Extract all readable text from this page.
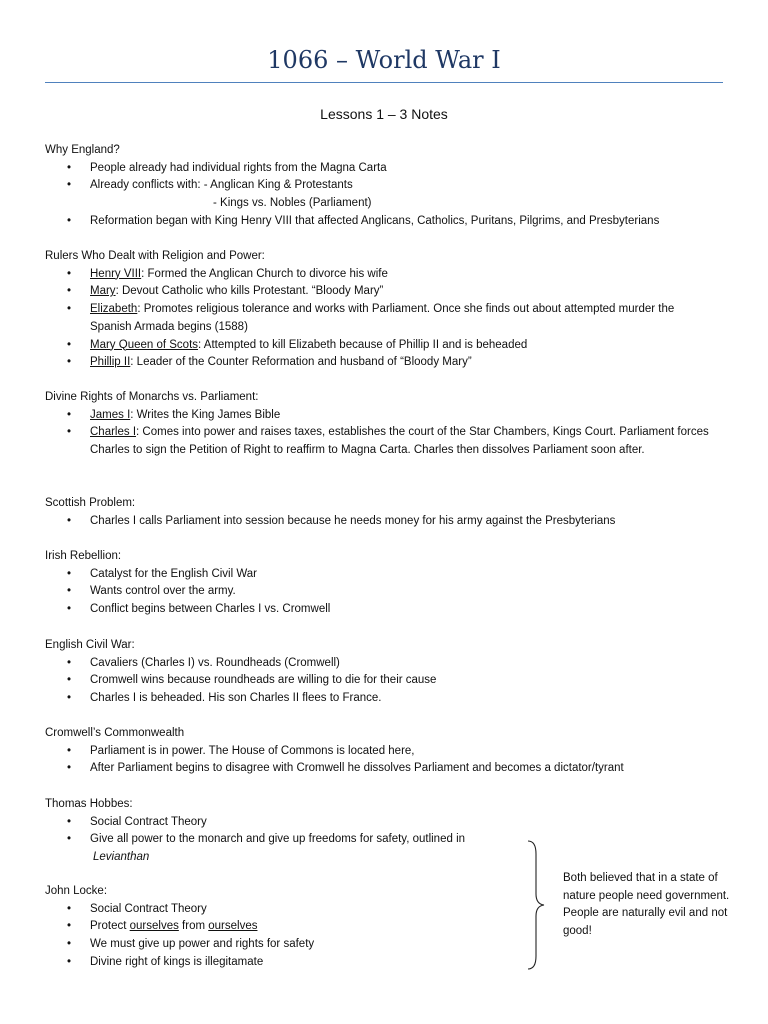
1066 – World War I
Lessons 1 – 3 Notes
Why England?
• People already had individual rights from the Magna Carta
• Already conflicts with: - Anglican King & Protestants
- Kings vs. Nobles (Parliament)
• Reformation began with King Henry VIII that affected Anglicans, Catholics, Puritans, Pilgrims, and Presbyterians
Rulers Who Dealt with Religion and Power:
• Henry VIII: Formed the Anglican Church to divorce his wife
• Mary: Devout Catholic who kills Protestant. “Bloody Mary”
• Elizabeth: Promotes religious tolerance and works with Parliament. Once she finds out about attempted murder the Spanish Armada begins (1588)
• Mary Queen of Scots: Attempted to kill Elizabeth because of Phillip II and is beheaded
• Phillip II: Leader of the Counter Reformation and husband of “Bloody Mary”
Divine Rights of Monarchs vs. Parliament:
• James I: Writes the King James Bible
• Charles I: Comes into power and raises taxes, establishes the court of the Star Chambers, Kings Court. Parliament forces Charles to sign the Petition of Right to reaffirm to Magna Carta. Charles then dissolves Parliament soon after.
Scottish Problem:
• Charles I calls Parliament into session because he needs money for his army against the Presbyterians
Irish Rebellion:
• Catalyst for the English Civil War
• Wants control over the army.
• Conflict begins between Charles I vs. Cromwell
English Civil War:
• Cavaliers (Charles I) vs. Roundheads (Cromwell)
• Cromwell wins because roundheads are willing to die for their cause
• Charles I is beheaded. His son Charles II flees to France.
Cromwell’s Commonwealth
• Parliament is in power. The House of Commons is located here,
• After Parliament begins to disagree with Cromwell he dissolves Parliament and becomes a dictator/tyrant
Thomas Hobbes:
• Social Contract Theory
• Give all power to the monarch and give up freedoms for safety, outlined in
Levianthan
John Locke:
• Social Contract Theory
• Protect ourselves from ourselves
• We must give up power and rights for safety
• Divine right of kings is illegitamate
Both believed that in a state of nature people need government. People are naturally evil and not good!
